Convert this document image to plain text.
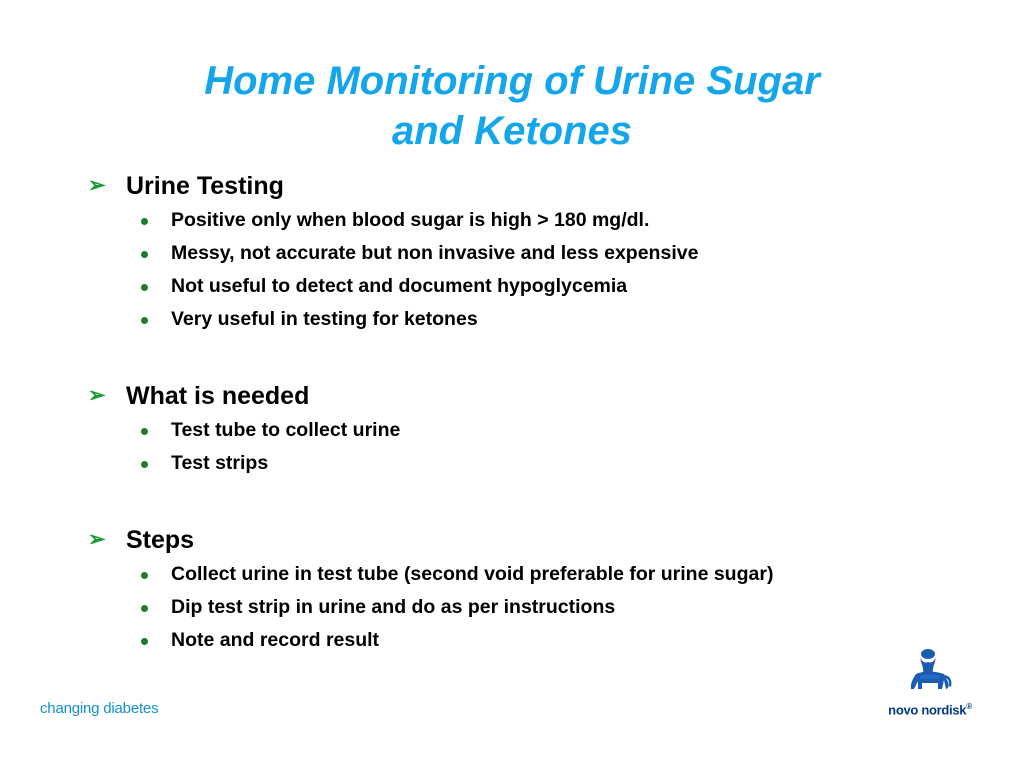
Home Monitoring of Urine Sugar
and Ketones
➢ Urine Testing
Positive only when blood sugar is high > 180 mg/dl.
Messy, not accurate but non invasive and less expensive
Not useful to detect and document hypoglycemia
Very useful in testing for ketones
➢ What is needed
Test tube to collect urine
Test strips
➢ Steps
Collect urine in test tube (second void preferable for urine sugar)
Dip test strip in urine and do as per instructions
Note and record result
changing diabetes	novo nordisk®
